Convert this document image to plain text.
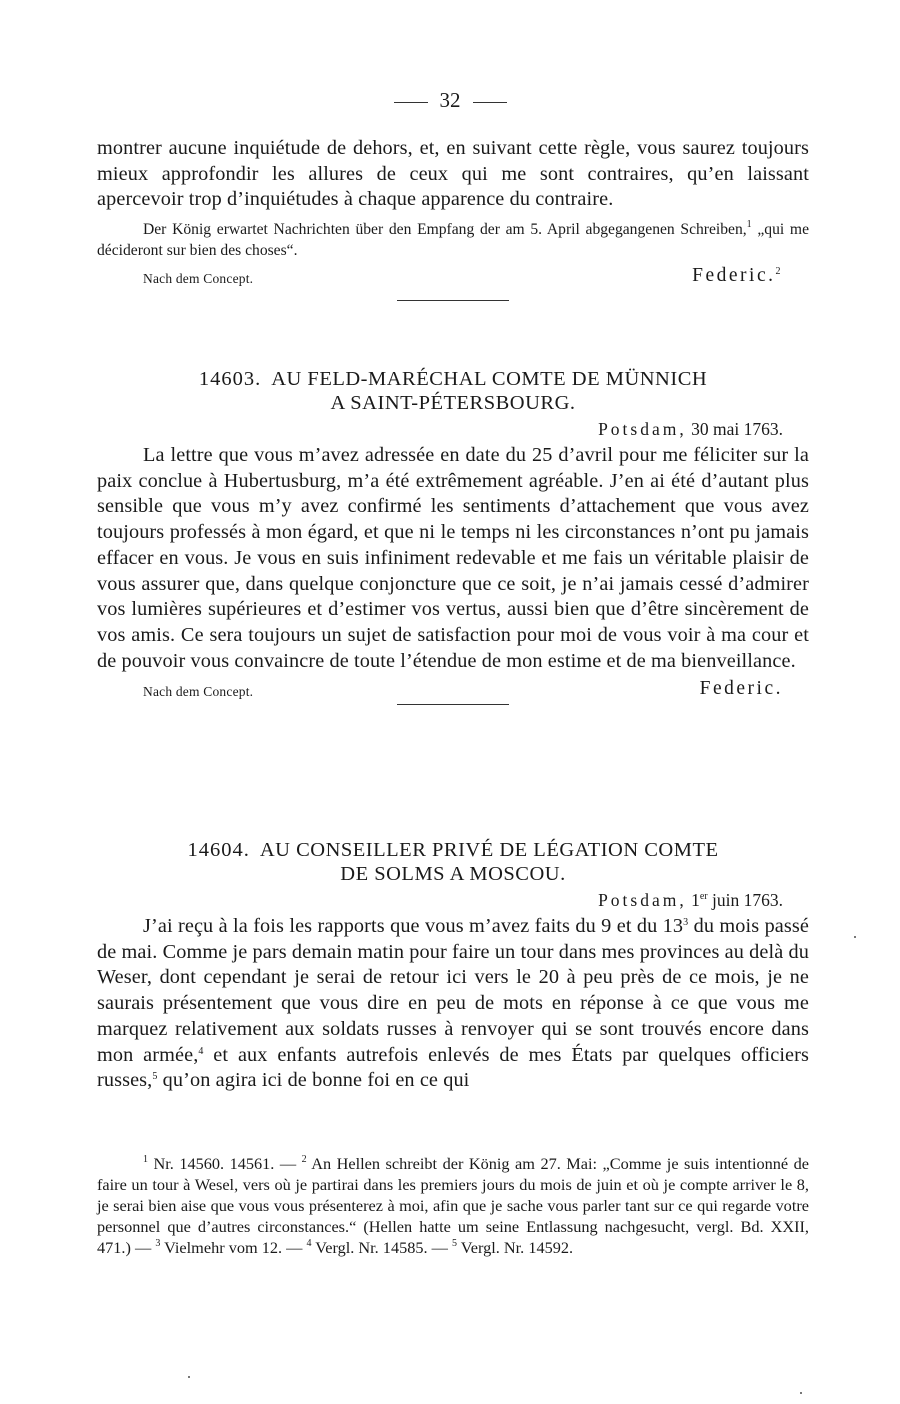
32

montrer aucune inquiétude de dehors, et, en suivant cette règle, vous saurez toujours mieux approfondir les allures de ceux qui me sont contraires, qu’en laissant apercevoir trop d’inquiétudes à chaque apparence du contraire.

Der König erwartet Nachrichten über den Empfang der am 5. April abgegangenen Schreiben,$^1$ „qui me décideront sur bien des choses“.

Nach dem Concept.	Federic.$^2$
14603. AU FELD-MARÉCHAL COMTE DE MÜNNICH
A SAINT-PÉTERSBOURG.
Potsdam, 30 mai 1763.

La lettre que vous m’avez adressée en date du 25 d’avril pour me féliciter sur la paix conclue à Hubertusburg, m’a été extrêmement agréable. J’en ai été d’autant plus sensible que vous m’y avez confirmé les sentiments d’attachement que vous avez toujours professés à mon égard, et que ni le temps ni les circonstances n’ont pu jamais effacer en vous. Je vous en suis infiniment redevable et me fais un véritable plaisir de vous assurer que, dans quelque conjoncture que ce soit, je n’ai jamais cessé d’admirer vos lumières supérieures et d’estimer vos vertus, aussi bien que d’être sincèrement de vos amis. Ce sera toujours un sujet de satisfaction pour moi de vous voir à ma cour et de pouvoir vous convaincre de toute l’étendue de mon estime et de ma bienveillance.

Nach dem Concept.	Federic.
14604. AU CONSEILLER PRIVÉ DE LÉGATION COMTE
DE SOLMS A MOSCOU.
Potsdam, 1er juin 1763.

J’ai reçu à la fois les rapports que vous m’avez faits du 9 et du $13^3$ du mois passé de mai. Comme je pars demain matin pour faire un tour dans mes provinces au delà du Weser, dont cependant je serai de retour ici vers le 20 à peu près de ce mois, je ne saurais présentement que vous dire en peu de mots en réponse à ce que vous me marquez relativement aux soldats russes à renvoyer qui se sont trouvés encore dans mon armée,$^4$ et aux enfants autrefois enlevés de mes États par quelques officiers russes,$^5$ qu’on agira ici de bonne foi en ce qui

$^1$ Nr. 14560. 14561. — $^2$ An Hellen schreibt der König am 27. Mai: „Comme je suis intentionné de faire un tour à Wesel, vers où je partirai dans les premiers jours du mois de juin et où je compte arriver le 8, je serai bien aise que vous vous présenterez à moi, afin que je sache vous parler tant sur ce qui regarde votre personnel que d’autres circonstances.“ (Hellen hatte um seine Entlassung nachgesucht, vergl. Bd. XXII, 471.) — $^3$ Vielmehr vom 12. — $^4$ Vergl. Nr. 14585. — $^5$ Vergl. Nr. 14592.
